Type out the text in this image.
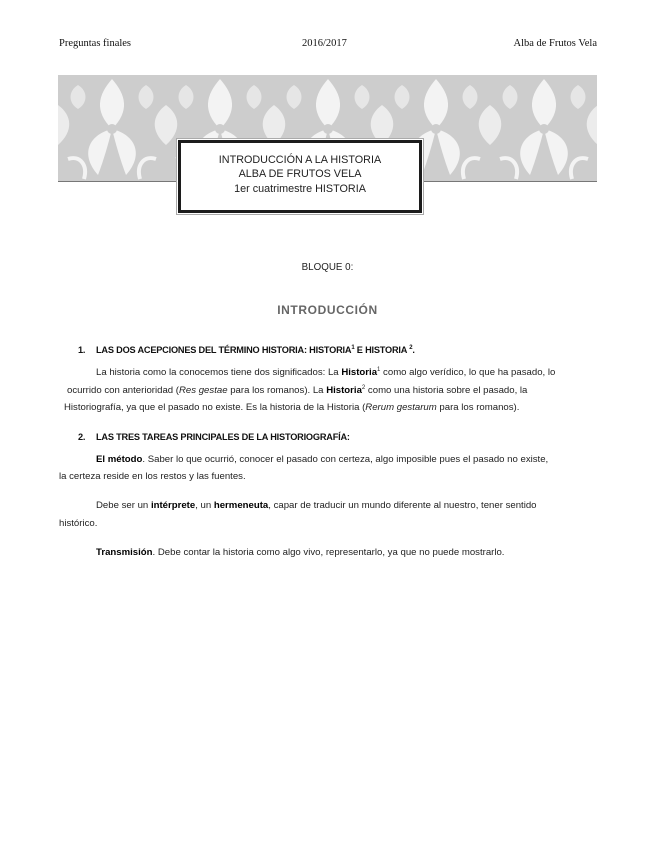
Preguntas finales	2016/2017	Alba de Frutos Vela
INTRODUCCIÓN A LA HISTORIA
ALBA DE FRUTOS VELA
1er cuatrimestre HISTORIA
BLOQUE 0:
INTRODUCCIÓN
1. LAS DOS ACEPCIONES DEL TÉRMINO HISTORIA: HISTORIA$^1$ E HISTORIA $^2$.
La historia como la conocemos tiene dos significados: La Historia$^1$ como algo verídico, lo que ha pasado, lo
ocurrido con anterioridad (Res gestae para los romanos). La Historia$^2$ como una historia sobre el pasado, la
Historiografía, ya que el pasado no existe. Es la historia de la Historia (Rerum gestarum para los romanos).
2. LAS TRES TAREAS PRINCIPALES DE LA HISTORIOGRAFÍA:
El método. Saber lo que ocurrió, conocer el pasado con certeza, algo imposible pues el pasado no existe,
la certeza reside en los restos y las fuentes.
Debe ser un intérprete, un hermeneuta, capar de traducir un mundo diferente al nuestro, tener sentido
histórico.
Transmisión. Debe contar la historia como algo vivo, representarlo, ya que no puede mostrarlo.
